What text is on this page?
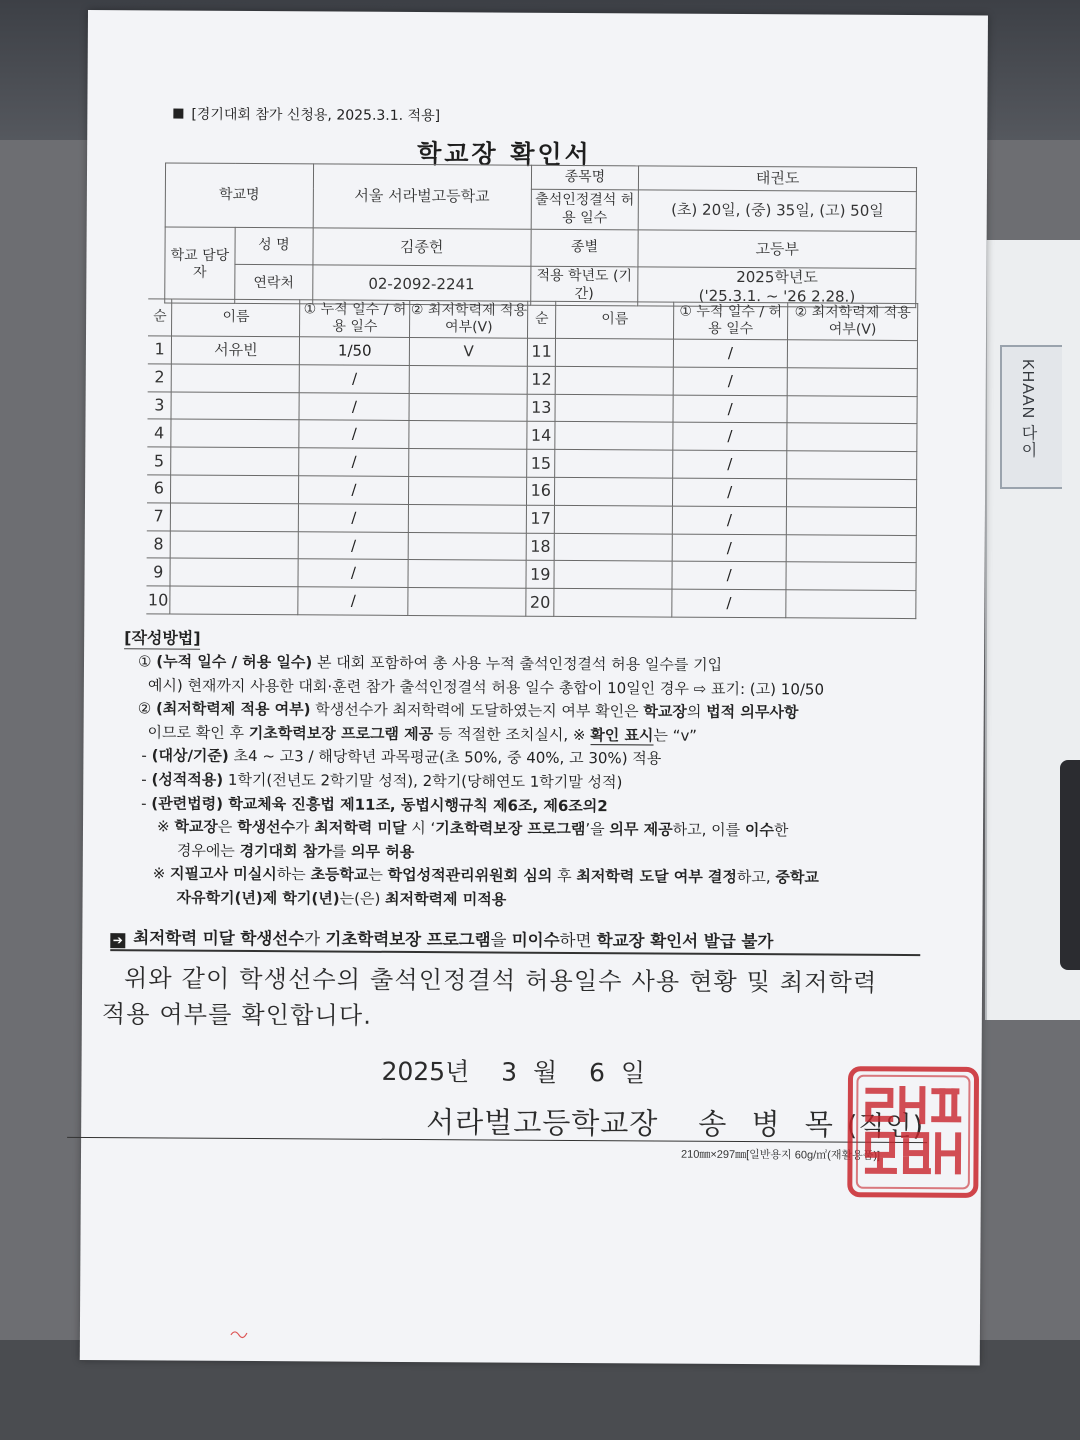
KHAAN 다이
[경기대회 참가 신청용, 2025.3.1. 적용]
학교장 확인서
학교명		서울 서라벌고등학교	종목명	태권도
			출석인정결석 허용 일수	(초) 20일, (중) 35일, (고) 50일
학교 담당자	성 명	김종헌	종별	고등부
	연락처	02-2092-2241	적용 학년도 (기간)	2025학년도
('25.3.1. ~ '26 2.28.)
순	이름	① 누적 일수 / 허용 일수	② 최저학력제 적용 여부(V)	순	이름	① 누적 일수 / 허용 일수	② 최저학력제 적용 여부(V)
1	서유빈	1/50	V	11		/	
2		/		12		/	
3		/		13		/	
4		/		14		/	
5		/		15		/	
6		/		16		/	
7		/		17		/	
8		/		18		/	
9		/		19		/	
10		/		20		/	
[작성방법]

① (누적 일수 / 허용 일수) 본 대회 포함하여 총 사용 누적 출석인정결석 허용 일수를 기입

예시) 현재까지 사용한 대회·훈련 참가 출석인정결석 허용 일수 총합이 10일인 경우 ⇨ 표기: (고) 10/50

② (최저학력제 적용 여부) 학생선수가 최저학력에 도달하였는지 여부 확인은 학교장의 법적 의무사항

이므로 확인 후 기초학력보장 프로그램 제공 등 적절한 조치실시, ※ 확인 표시는 “v”

- (대상/기준) 초4 ~ 고3 / 해당학년 과목평균(초 50%, 중 40%, 고 30%) 적용

- (성적적용) 1학기(전년도 2학기말 성적), 2학기(당해연도 1학기말 성적)

- (관련법령) 학교체육 진흥법 제11조, 동법시행규칙 제6조, 제6조의2

※ 학교장은 학생선수가 최저학력 미달 시 ‘기초학력보장 프로그램’을 의무 제공하고, 이를 이수한

경우에는 경기대회 참가를 의무 허용

※ 지필고사 미실시하는 초등학교는 학업성적관리위원회 심의 후 최저학력 도달 여부 결정하고, 중학교

자유학기(년)제 학기(년)는(은) 최저학력제 미적용

➔ 최저학력 미달 학생선수가 기초학력보장 프로그램을 미이수하면 학교장 확인서 발급 불가

위와 같이 학생선수의 출석인정결석 허용일수 사용 현황 및 최저학력

적용 여부를 확인합니다.

2025년  3 월  6 일
서라벌고등학교장 송 병 목 (직인)
210㎜×297㎜[일반용지 60g/㎡(재활용품)]
